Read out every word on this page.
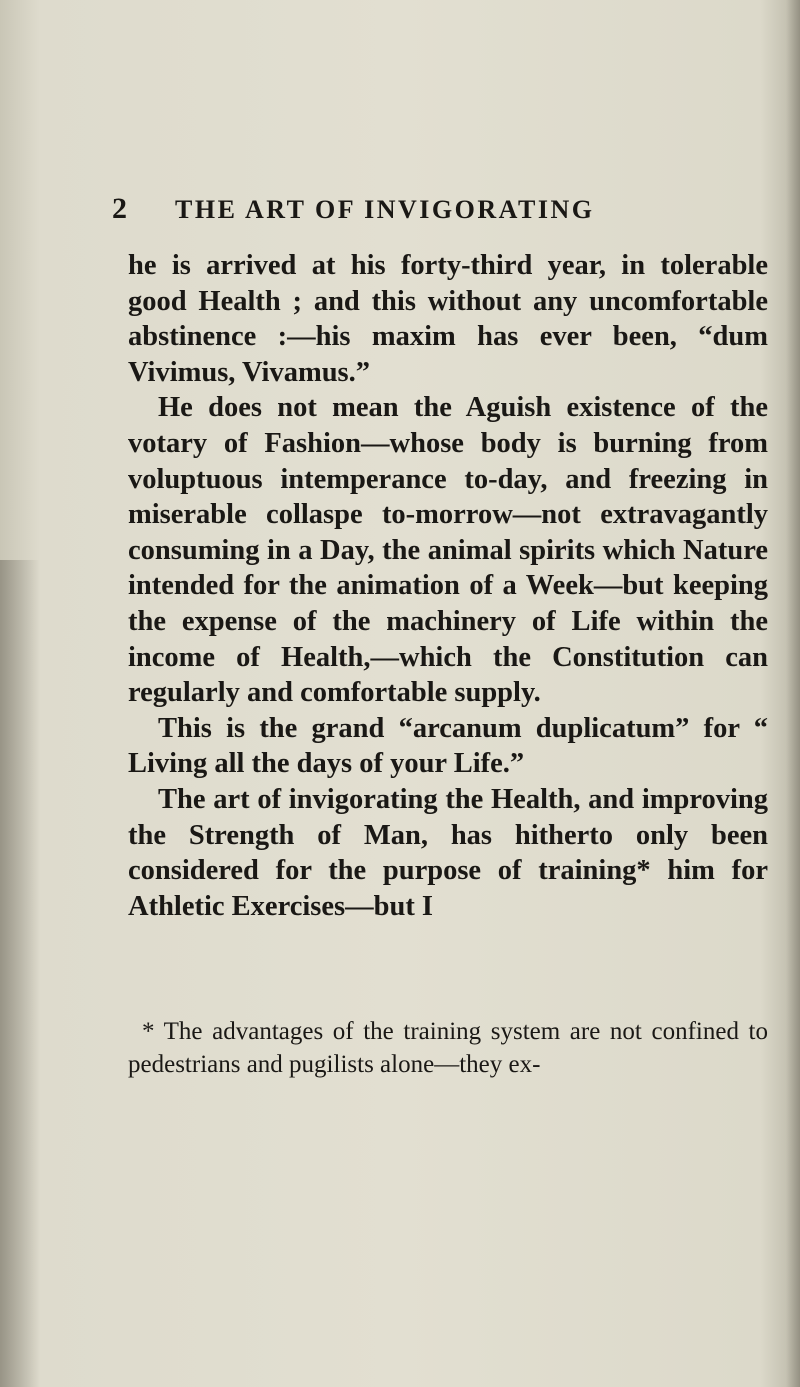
2 THE ART OF INVIGORATING

he is arrived at his forty-third year, in tolerable good Health ; and this without any uncomfortable abstinence :—his maxim has ever been, “dum Vivimus, Vivamus.”

He does not mean the Aguish existence of the votary of Fashion—whose body is burning from voluptuous intemperance to-day, and freezing in miserable collaspe to-morrow—not extravagantly consuming in a Day, the animal spirits which Nature intended for the animation of a Week—but keeping the expense of the machinery of Life within the income of Health,—which the Constitution can regularly and comfortable supply.

This is the grand “arcanum duplicatum” for “ Living all the days of your Life.”

The art of invigorating the Health, and improving the Strength of Man, has hitherto only been considered for the purpose of training* him for Athletic Exercises—but I

* The advantages of the training system are not confined to pedestrians and pugilists alone—they ex-
